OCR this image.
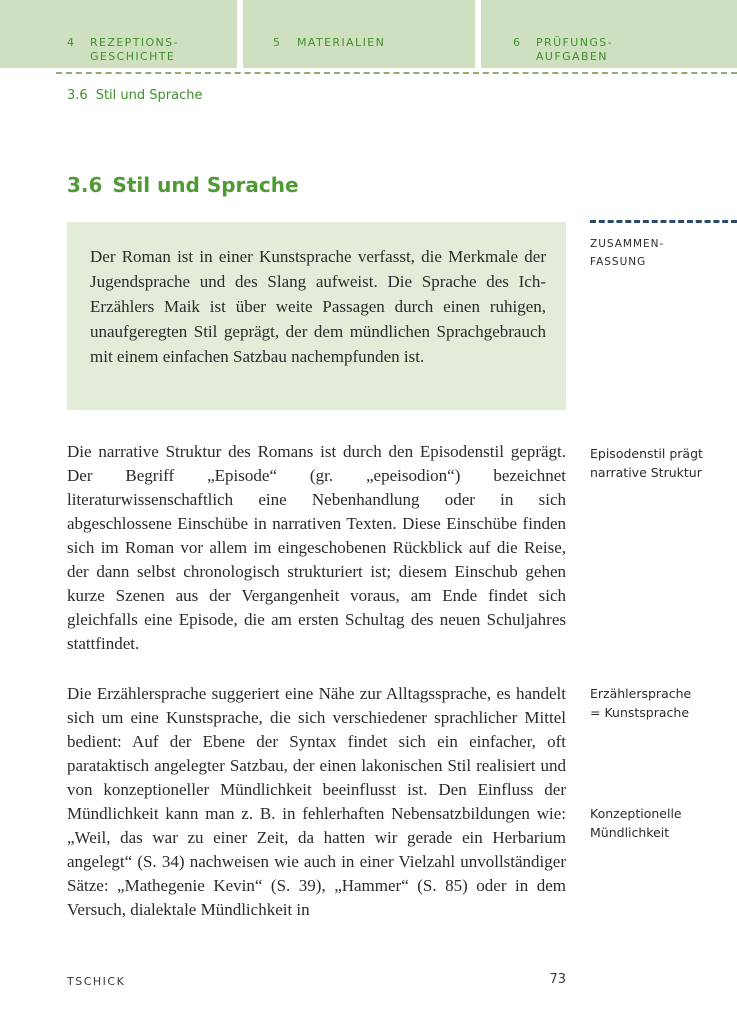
4 REZEPTIONS-
GESCHICHTE
5 MATERIALIEN	6 PRÜFUNGS-
AUFGABEN
3.6 Stil und Sprache
3.6 Stil und Sprache
ZUSAMMEN-
FASSUNG

Der Roman ist in einer Kunstsprache verfasst, die Merkmale der Jugendsprache und des Slang aufweist. Die Sprache des Ich-Erzählers Maik ist über weite Passagen durch einen ruhigen, unaufgeregten Stil geprägt, der dem mündlichen Sprachgebrauch mit einem einfachen Satzbau nachempfunden ist.

Die narrative Struktur des Romans ist durch den Episodenstil geprägt. Der Begriff „Episode“ (gr. „epeisodion“) bezeichnet literaturwissenschaftlich eine Nebenhandlung oder in sich abgeschlossene Einschübe in narrativen Texten. Diese Einschübe finden sich im Roman vor allem im eingeschobenen Rückblick auf die Reise, der dann selbst chronologisch strukturiert ist; diesem Einschub gehen kurze Szenen aus der Vergangenheit voraus, am Ende findet sich gleichfalls eine Episode, die am ersten Schultag des neuen Schuljahres stattfindet.

Die Erzählersprache suggeriert eine Nähe zur Alltagssprache, es handelt sich um eine Kunstsprache, die sich verschiedener sprachlicher Mittel bedient: Auf der Ebene der Syntax findet sich ein einfacher, oft parataktisch angelegter Satzbau, der einen lakonischen Stil realisiert und von konzeptioneller Mündlichkeit beeinflusst ist. Den Einfluss der Mündlichkeit kann man z. B. in fehlerhaften Nebensatzbildungen wie: „Weil, das war zu einer Zeit, da hatten wir gerade ein Herbarium angelegt“ (S. 34) nachweisen wie auch in einer Vielzahl unvollständiger Sätze: „Mathegenie Kevin“ (S. 39), „Hammer“ (S. 85) oder in dem Versuch, dialektale Mündlichkeit in

Episodenstil prägt
narrative Struktur
Erzählersprache
= Kunstsprache
Konzeptionelle
Mündlichkeit
TSCHICK	73
